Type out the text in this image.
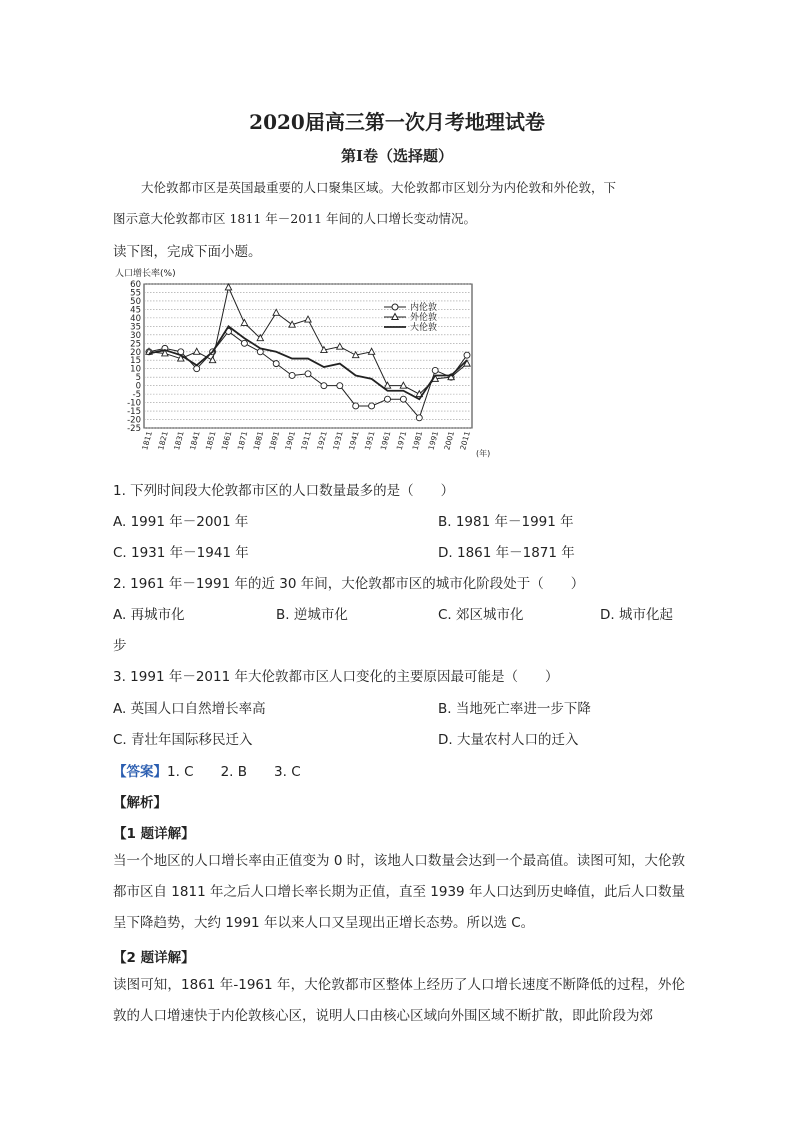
2020届高三第一次月考地理试卷
第Ⅰ卷（选择题）
大伦敦都市区是英国最重要的人口聚集区域。大伦敦都市区划分为内伦敦和外伦敦，下
图示意大伦敦都市区 1811 年－2011 年间的人口增长变动情况。
读下图，完成下面小题。
人口增长率(%)
60
55
50
45
40
35
30
25
20
15
10
5
0
-5
-10
-15
-20
-25
1811 1821 1831 1841 1851 1861 1871 1881 1891 1901 1911 1921 1931 1941 1951 1961 1971 1981 1991 2001 2011
内伦敦
外伦敦
大伦敦
(年)
1. 下列时间段大伦敦都市区的人口数量最多的是（　　）
A. 1991 年－2001 年	B. 1981 年－1991 年
C. 1931 年－1941 年	D. 1861 年－1871 年
2. 1961 年－1991 年的近 30 年间，大伦敦都市区的城市化阶段处于（　　）
A. 再城市化	B. 逆城市化	C. 郊区城市化	D. 城市化起
步
3. 1991 年－2011 年大伦敦都市区人口变化的主要原因最可能是（　　）
A. 英国人口自然增长率高	B. 当地死亡率进一步下降
C. 青壮年国际移民迁入	D. 大量农村人口的迁入
【答案】1. C　　2. B　　3. C
【解析】
【1 题详解】
当一个地区的人口增长率由正值变为 0 时，该地人口数量会达到一个最高值。读图可知，大伦敦都市区自 1811 年之后人口增长率长期为正值，直至 1939 年人口达到历史峰值，此后人口数量呈下降趋势，大约 1991 年以来人口又呈现出正增长态势。所以选 C。
【2 题详解】
读图可知，1861 年-1961 年，大伦敦都市区整体上经历了人口增长速度不断降低的过程，外伦敦的人口增速快于内伦敦核心区，说明人口由核心区域向外围区域不断扩散，即此阶段为郊
